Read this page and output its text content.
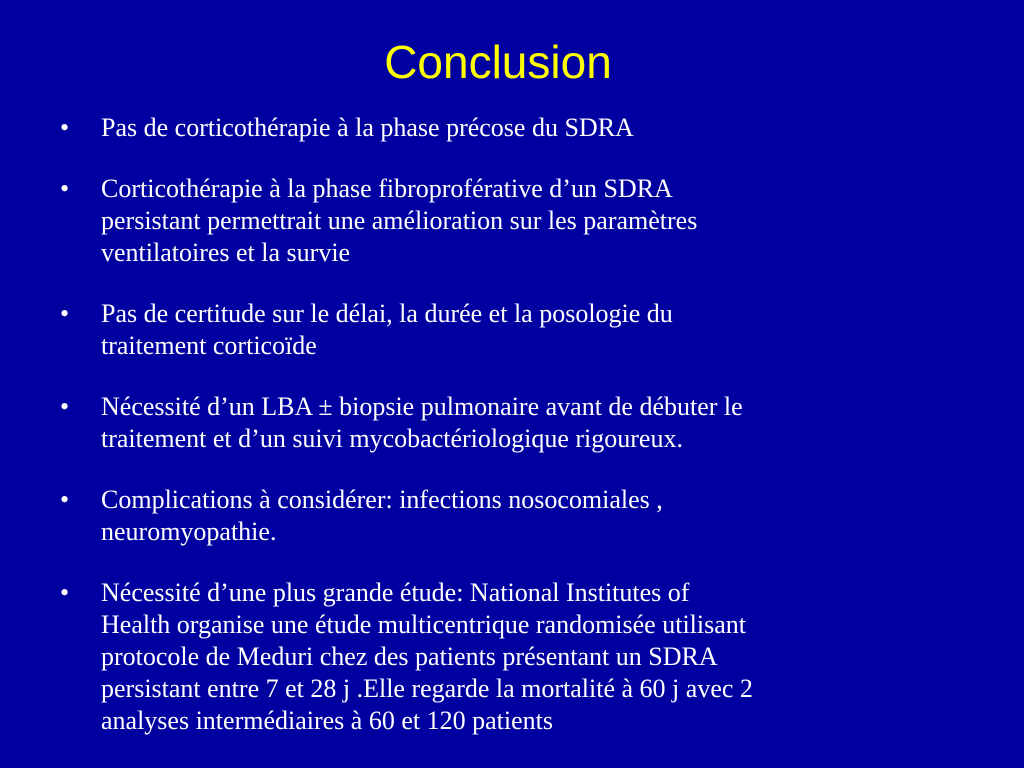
Conclusion
•	Pas de corticothérapie à la phase précose du SDRA
•	Corticothérapie à la phase fibroproférative d’un SDRA
persistant permettrait une amélioration sur les paramètres
ventilatoires et la survie
•	Pas de certitude sur le délai, la durée et la posologie du
traitement corticoïde
•	Nécessité d’un LBA ± biopsie pulmonaire avant de débuter le
traitement et d’un suivi mycobactériologique rigoureux.
•	Complications à considérer: infections nosocomiales ,
neuromyopathie.
•	Nécessité d’une plus grande étude: National Institutes of
Health organise une étude multicentrique randomisée utilisant
protocole de Meduri chez des patients présentant un SDRA
persistant entre 7 et 28 j .Elle regarde la mortalité à 60 j avec 2
analyses intermédiaires à 60 et 120 patients
